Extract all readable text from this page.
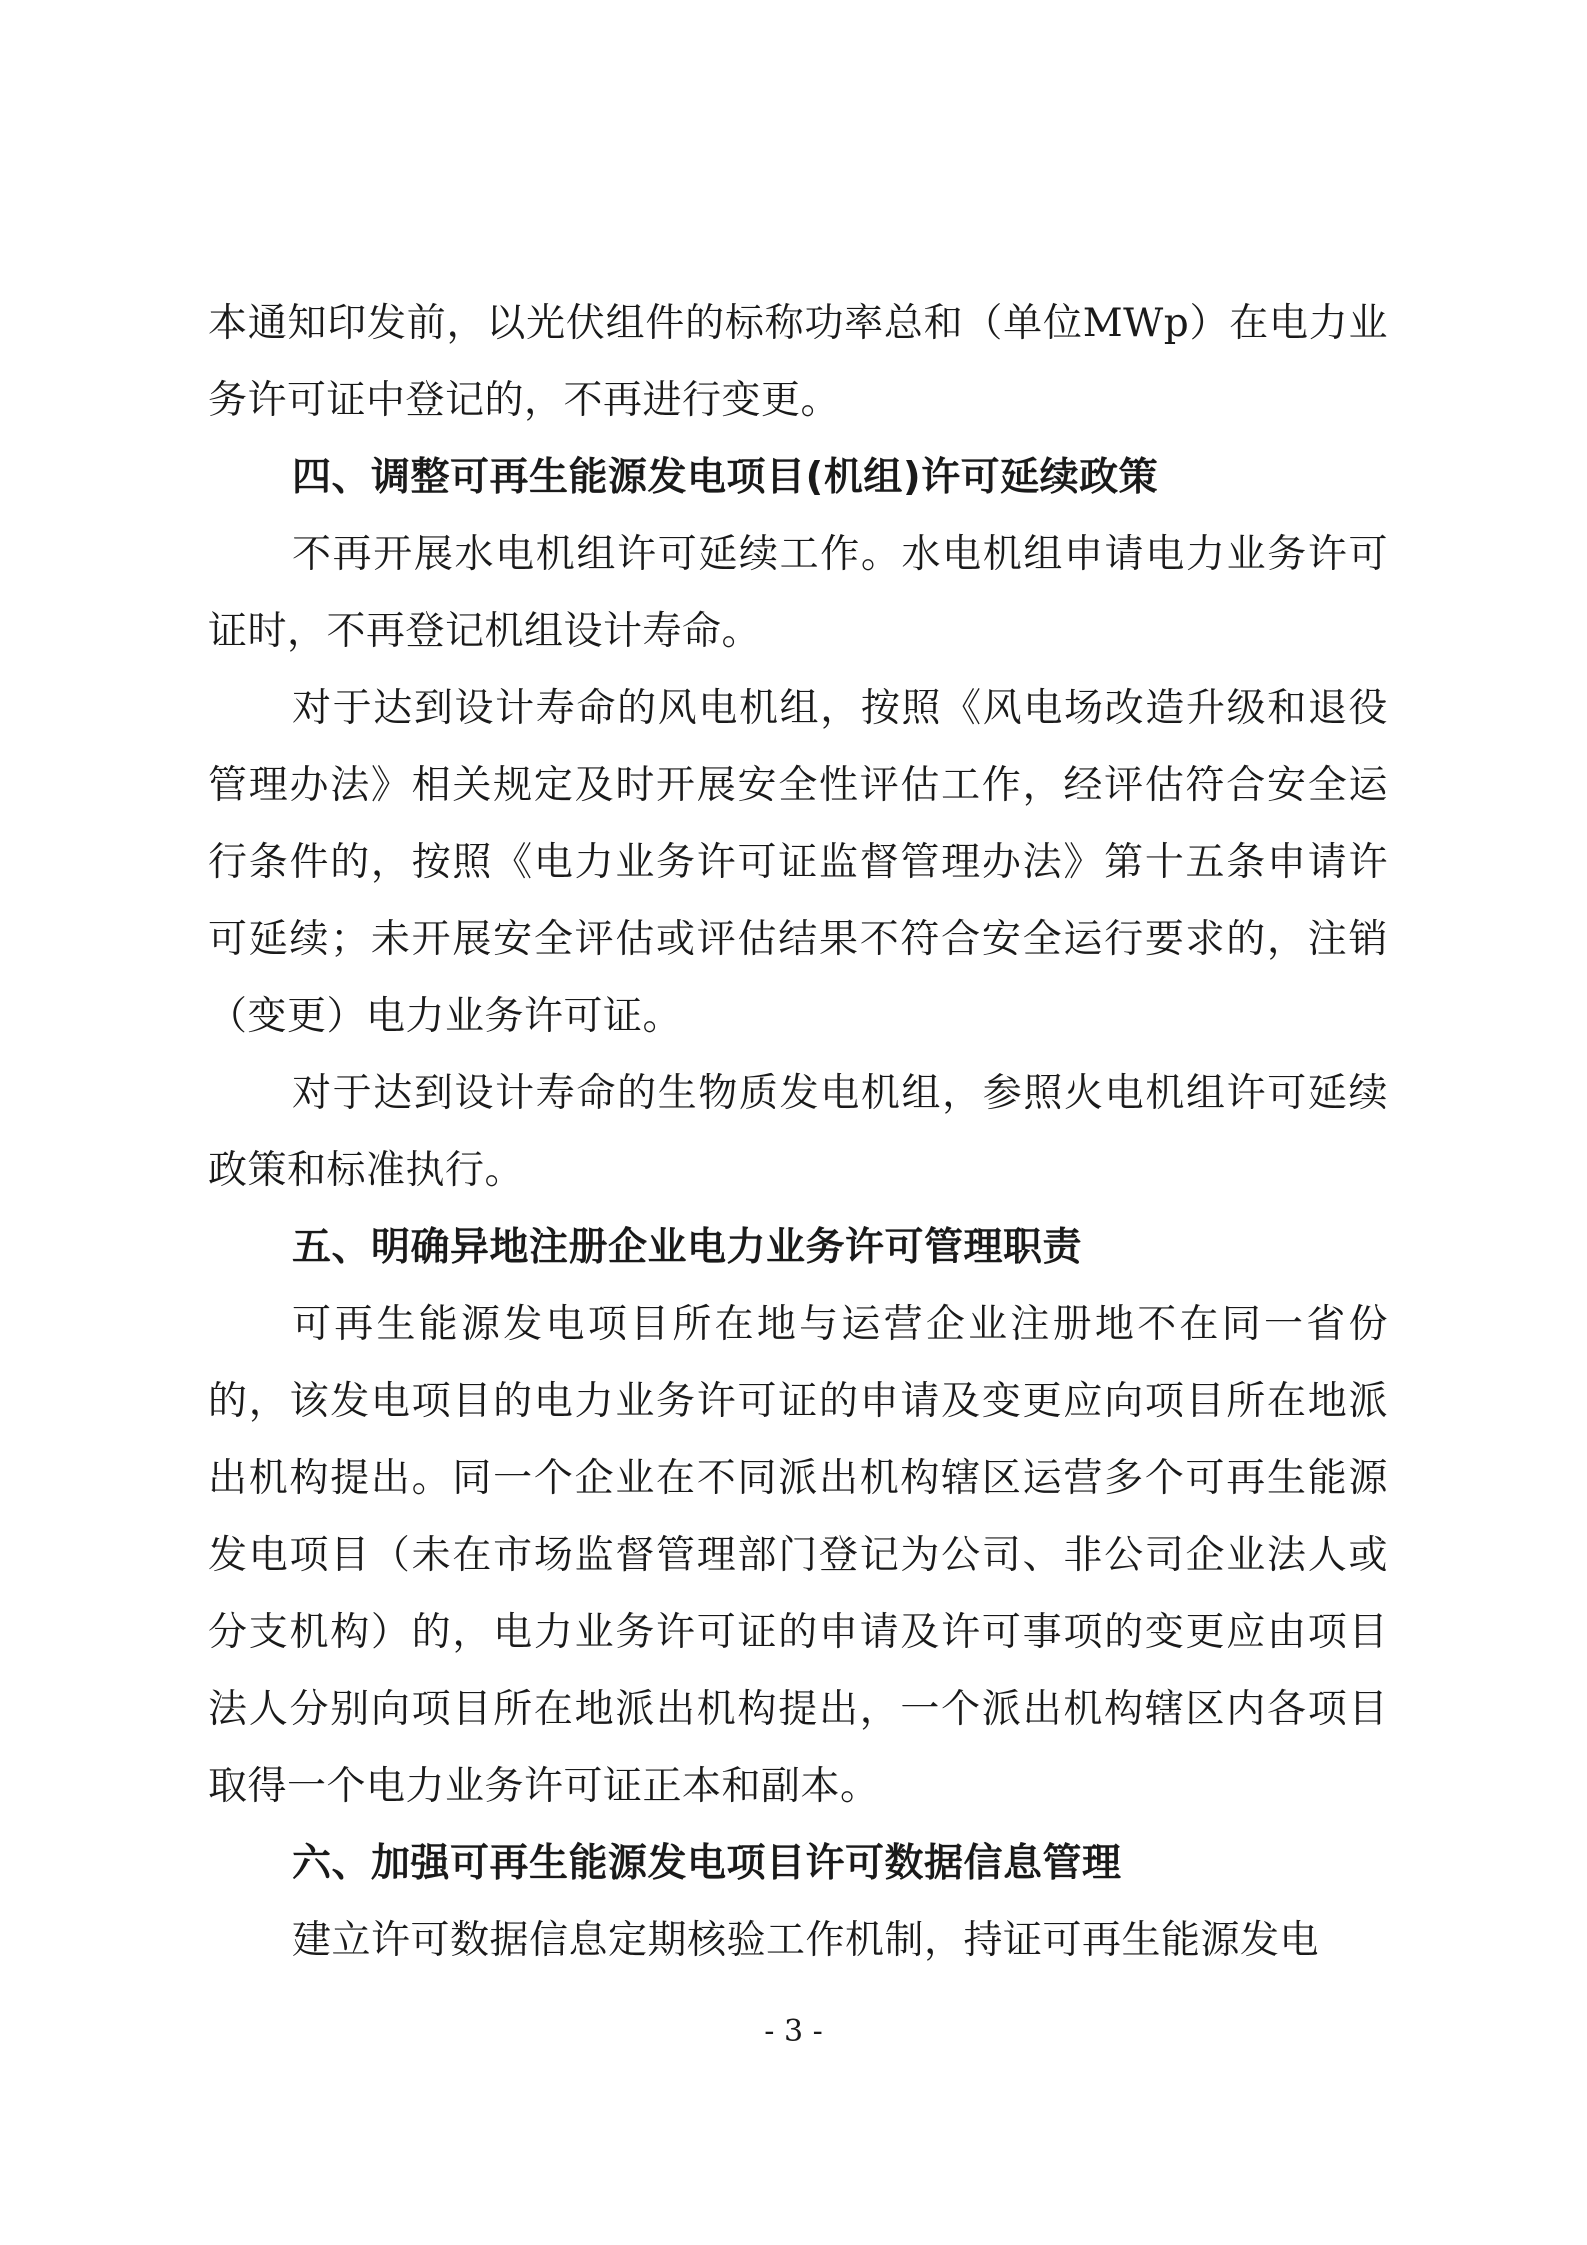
本通知印发前，以光伏组件的标称功率总和（单位MWp）在电力业务许可证中登记的，不再进行变更。

四、调整可再生能源发电项目(机组)许可延续政策

不再开展水电机组许可延续工作。水电机组申请电力业务许可证时，不再登记机组设计寿命。

对于达到设计寿命的风电机组，按照《风电场改造升级和退役管理办法》相关规定及时开展安全性评估工作，经评估符合安全运行条件的，按照《电力业务许可证监督管理办法》第十五条申请许可延续；未开展安全评估或评估结果不符合安全运行要求的，注销（变更）电力业务许可证。

对于达到设计寿命的生物质发电机组，参照火电机组许可延续政策和标准执行。

五、明确异地注册企业电力业务许可管理职责

可再生能源发电项目所在地与运营企业注册地不在同一省份的，该发电项目的电力业务许可证的申请及变更应向项目所在地派出机构提出。同一个企业在不同派出机构辖区运营多个可再生能源发电项目（未在市场监督管理部门登记为公司、非公司企业法人或分支机构）的，电力业务许可证的申请及许可事项的变更应由项目法人分别向项目所在地派出机构提出，一个派出机构辖区内各项目取得一个电力业务许可证正本和副本。

六、加强可再生能源发电项目许可数据信息管理

建立许可数据信息定期核验工作机制，持证可再生能源发电

- 3 -
